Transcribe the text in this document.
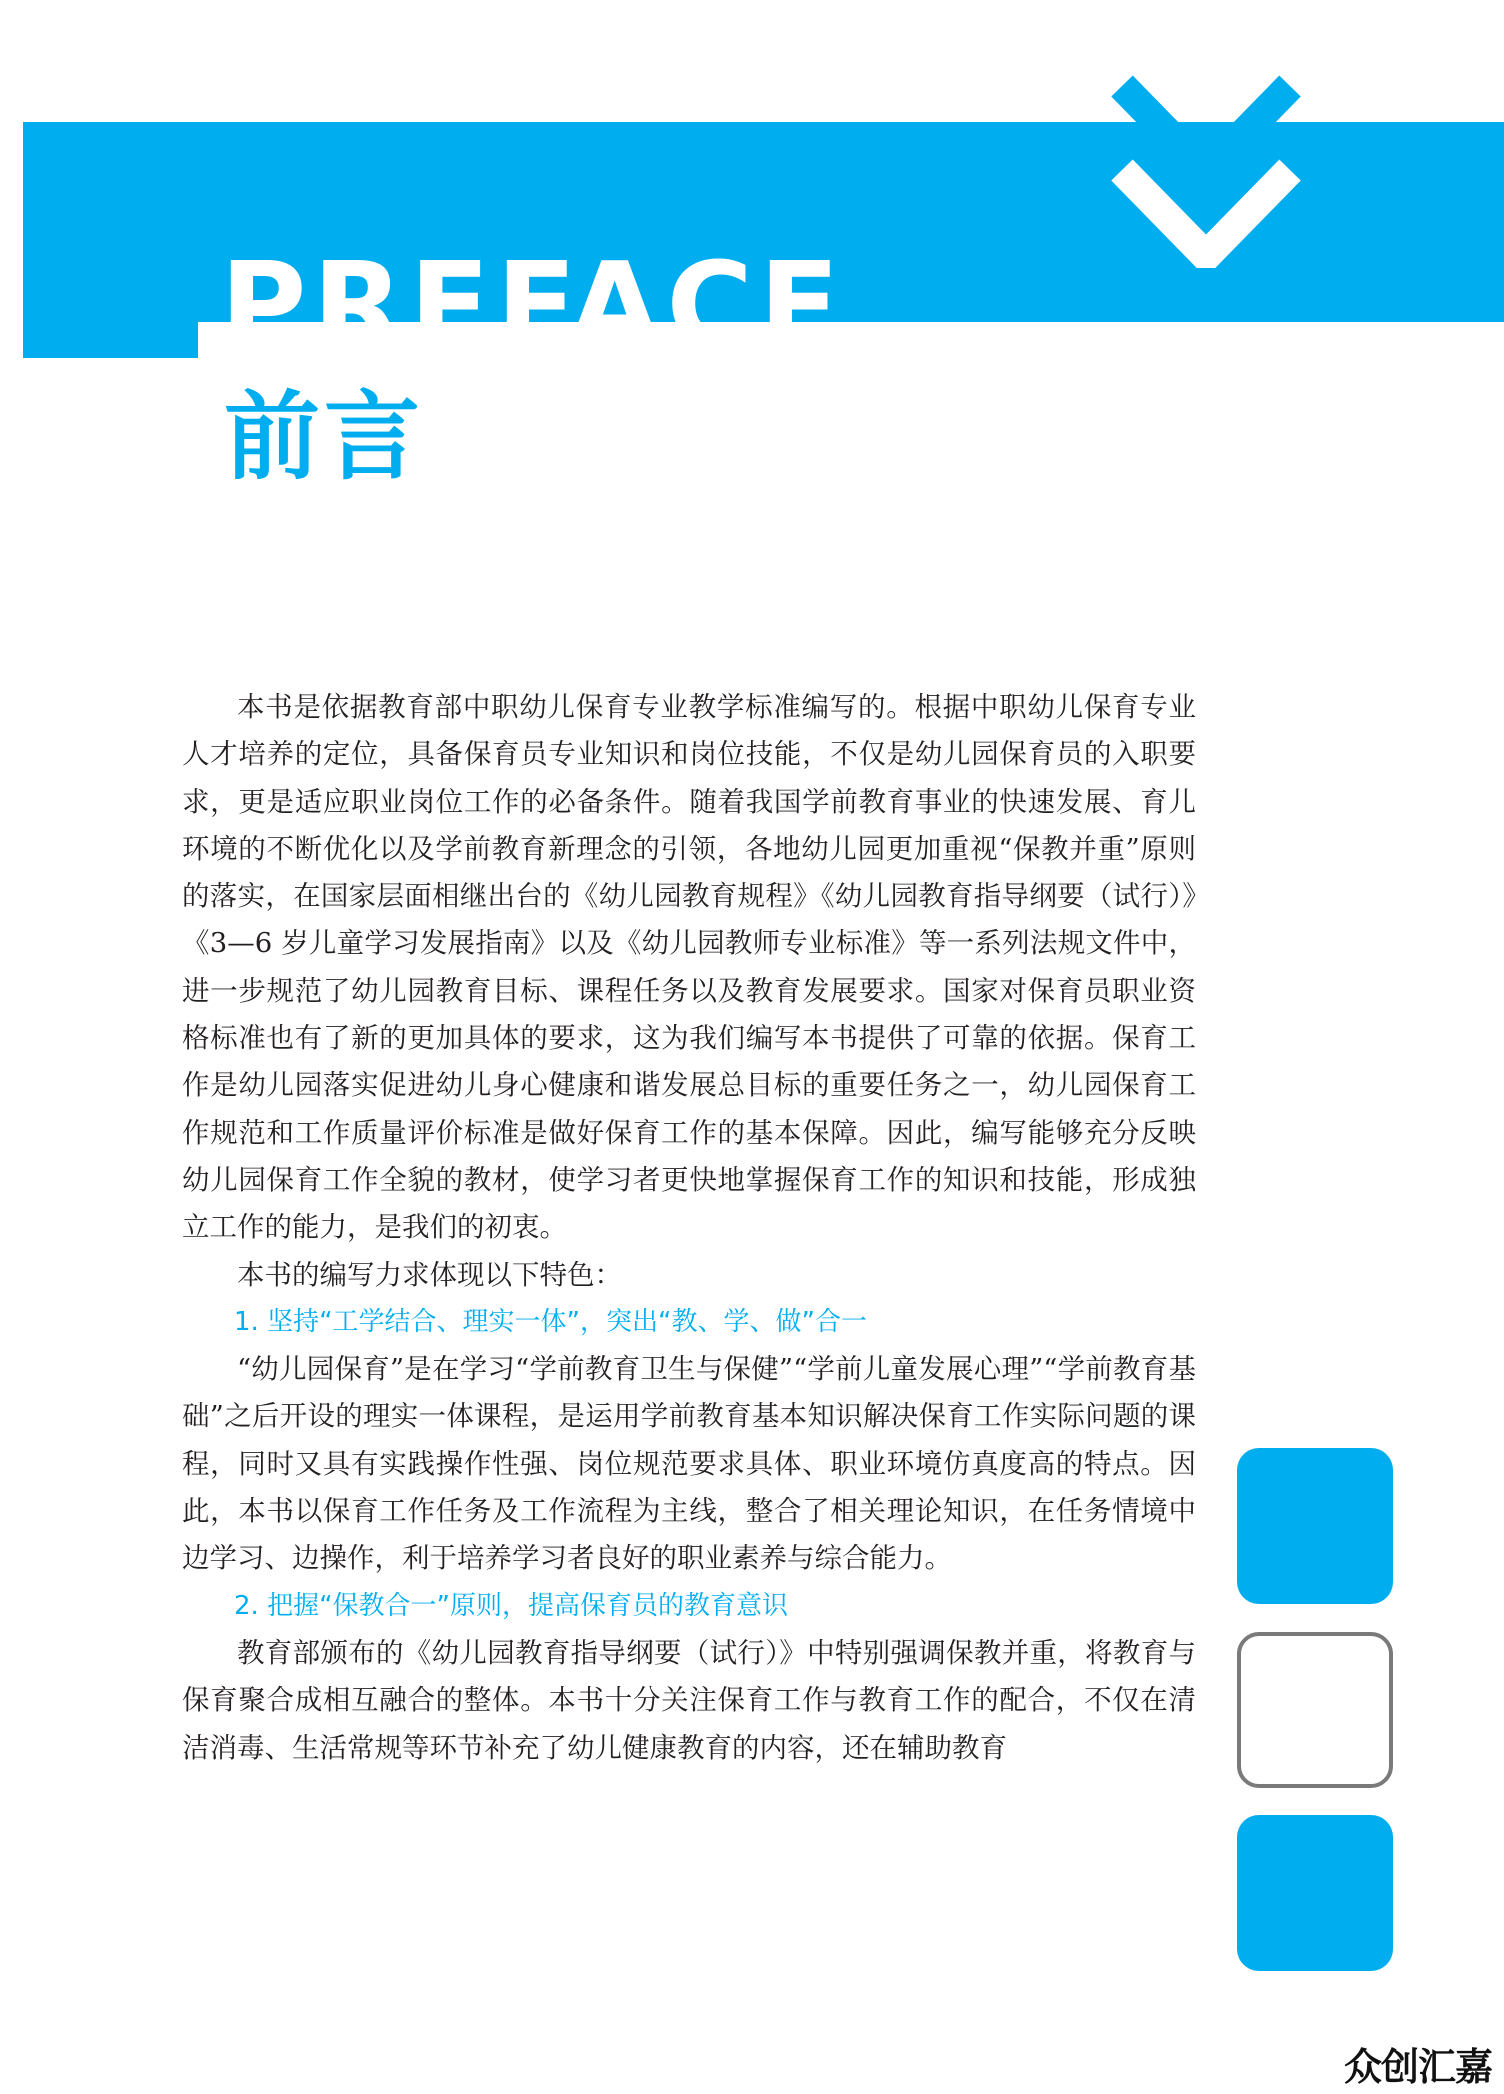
PREFACE
前言

本书是依据教育部中职幼儿保育专业教学标准编写的。根据中职幼儿保育专业人才培养的定位，具备保育员专业知识和岗位技能，不仅是幼儿园保育员的入职要求，更是适应职业岗位工作的必备条件。随着我国学前教育事业的快速发展、育儿环境的不断优化以及学前教育新理念的引领，各地幼儿园更加重视“保教并重”原则的落实，在国家层面相继出台的《幼儿园教育规程》《幼儿园教育指导纲要（试行）》《3—6 岁儿童学习发展指南》以及《幼儿园教师专业标准》等一系列法规文件中，进一步规范了幼儿园教育目标、课程任务以及教育发展要求。国家对保育员职业资格标准也有了新的更加具体的要求，这为我们编写本书提供了可靠的依据。保育工作是幼儿园落实促进幼儿身心健康和谐发展总目标的重要任务之一，幼儿园保育工作规范和工作质量评价标准是做好保育工作的基本保障。因此，编写能够充分反映幼儿园保育工作全貌的教材，使学习者更快地掌握保育工作的知识和技能，形成独立工作的能力，是我们的初衷。

本书的编写力求体现以下特色：

1. 坚持“工学结合、理实一体”，突出“教、学、做”合一

“幼儿园保育”是在学习“学前教育卫生与保健”“学前儿童发展心理”“学前教育基础”之后开设的理实一体课程，是运用学前教育基本知识解决保育工作实际问题的课程，同时又具有实践操作性强、岗位规范要求具体、职业环境仿真度高的特点。因此，本书以保育工作任务及工作流程为主线，整合了相关理论知识，在任务情境中边学习、边操作，利于培养学习者良好的职业素养与综合能力。

2. 把握“保教合一”原则，提高保育员的教育意识

教育部颁布的《幼儿园教育指导纲要（试行）》中特别强调保教并重，将教育与保育聚合成相互融合的整体。本书十分关注保育工作与教育工作的配合，不仅在清洁消毒、生活常规等环节补充了幼儿健康教育的内容，还在辅助教育

众创汇嘉
